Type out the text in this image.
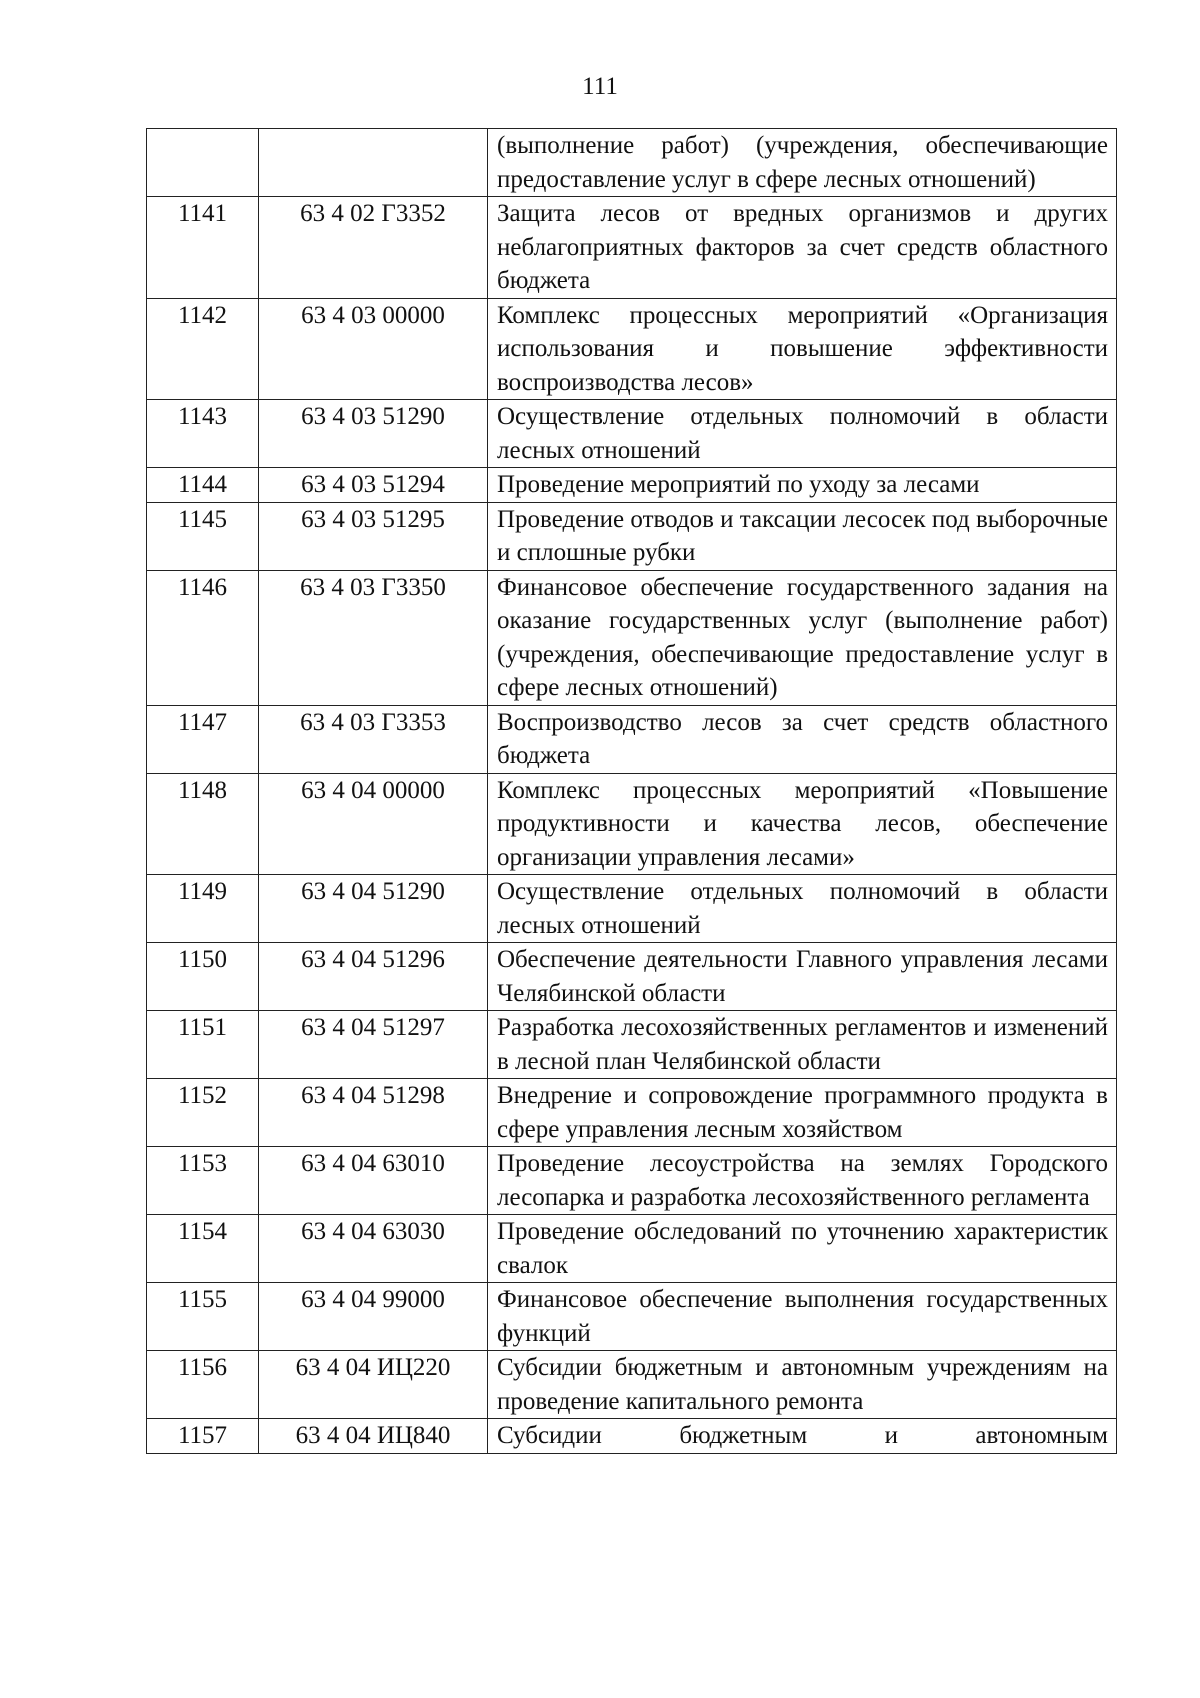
111
		(выполнение работ) (учреждения, обеспечивающие предоставление услуг в сфере лесных отношений)
1141	63 4 02 Г3352	Защита лесов от вредных организмов и других неблагоприятных факторов за счет средств областного бюджета
1142	63 4 03 00000	Комплекс процессных мероприятий «Организация использования и повышение эффективности воспроизводства лесов»
1143	63 4 03 51290	Осуществление отдельных полномочий в области лесных отношений
1144	63 4 03 51294	Проведение мероприятий по уходу за лесами
1145	63 4 03 51295	Проведение отводов и таксации лесосек под выборочные и сплошные рубки
1146	63 4 03 Г3350	Финансовое обеспечение государственного задания на оказание государственных услуг (выполнение работ) (учреждения, обеспечивающие предоставление услуг в сфере лесных отношений)
1147	63 4 03 Г3353	Воспроизводство лесов за счет средств областного бюджета
1148	63 4 04 00000	Комплекс процессных мероприятий «Повышение продуктивности и качества лесов, обеспечение организации управления лесами»
1149	63 4 04 51290	Осуществление отдельных полномочий в области лесных отношений
1150	63 4 04 51296	Обеспечение деятельности Главного управления лесами Челябинской области
1151	63 4 04 51297	Разработка лесохозяйственных регламентов и изменений в лесной план Челябинской области
1152	63 4 04 51298	Внедрение и сопровождение программного продукта в сфере управления лесным хозяйством
1153	63 4 04 63010	Проведение лесоустройства на землях Городского лесопарка и разработка лесохозяйственного регламента
1154	63 4 04 63030	Проведение обследований по уточнению характеристик свалок
1155	63 4 04 99000	Финансовое обеспечение выполнения государственных функций
1156	63 4 04 ИЦ220	Субсидии бюджетным и автономным учреждениям на проведение капитального ремонта
1157	63 4 04 ИЦ840	Субсидии бюджетным и автономным
